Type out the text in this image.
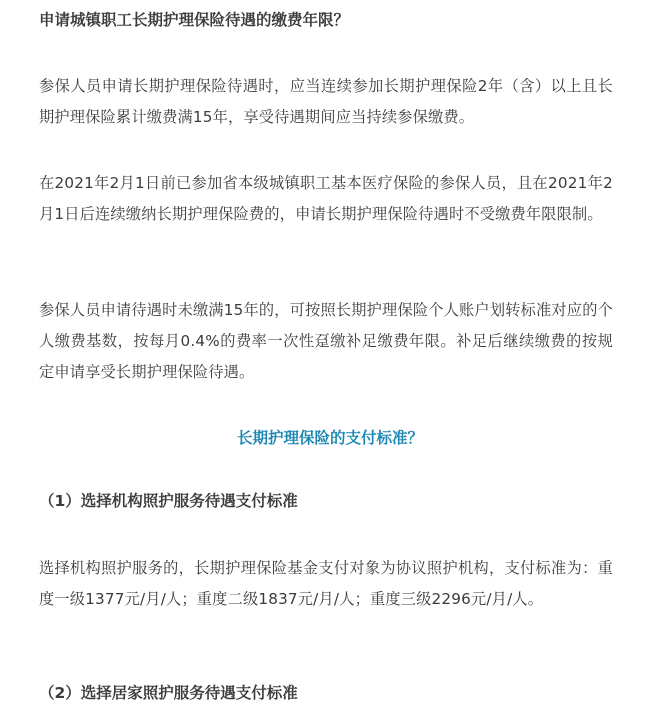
申请城镇职工长期护理保险待遇的缴费年限？

参保人员申请长期护理保险待遇时，应当连续参加长期护理保险2年（含）以上且长期护理保险累计缴费满15年，享受待遇期间应当持续参保缴费。

在2021年2月1日前已参加省本级城镇职工基本医疗保险的参保人员，且在2021年2月1日后连续缴纳长期护理保险费的，申请长期护理保险待遇时不受缴费年限限制。

参保人员申请待遇时未缴满15年的，可按照长期护理保险个人账户划转标准对应的个人缴费基数，按每月0.4%的费率一次性趸缴补足缴费年限。补足后继续缴费的按规定申请享受长期护理保险待遇。

长期护理保险的支付标准？
（1）选择机构照护服务待遇支付标准

选择机构照护服务的，长期护理保险基金支付对象为协议照护机构，支付标准为：重度一级1377元/月/人；重度二级1837元/月/人；重度三级2296元/月/人。

（2）选择居家照护服务待遇支付标准
